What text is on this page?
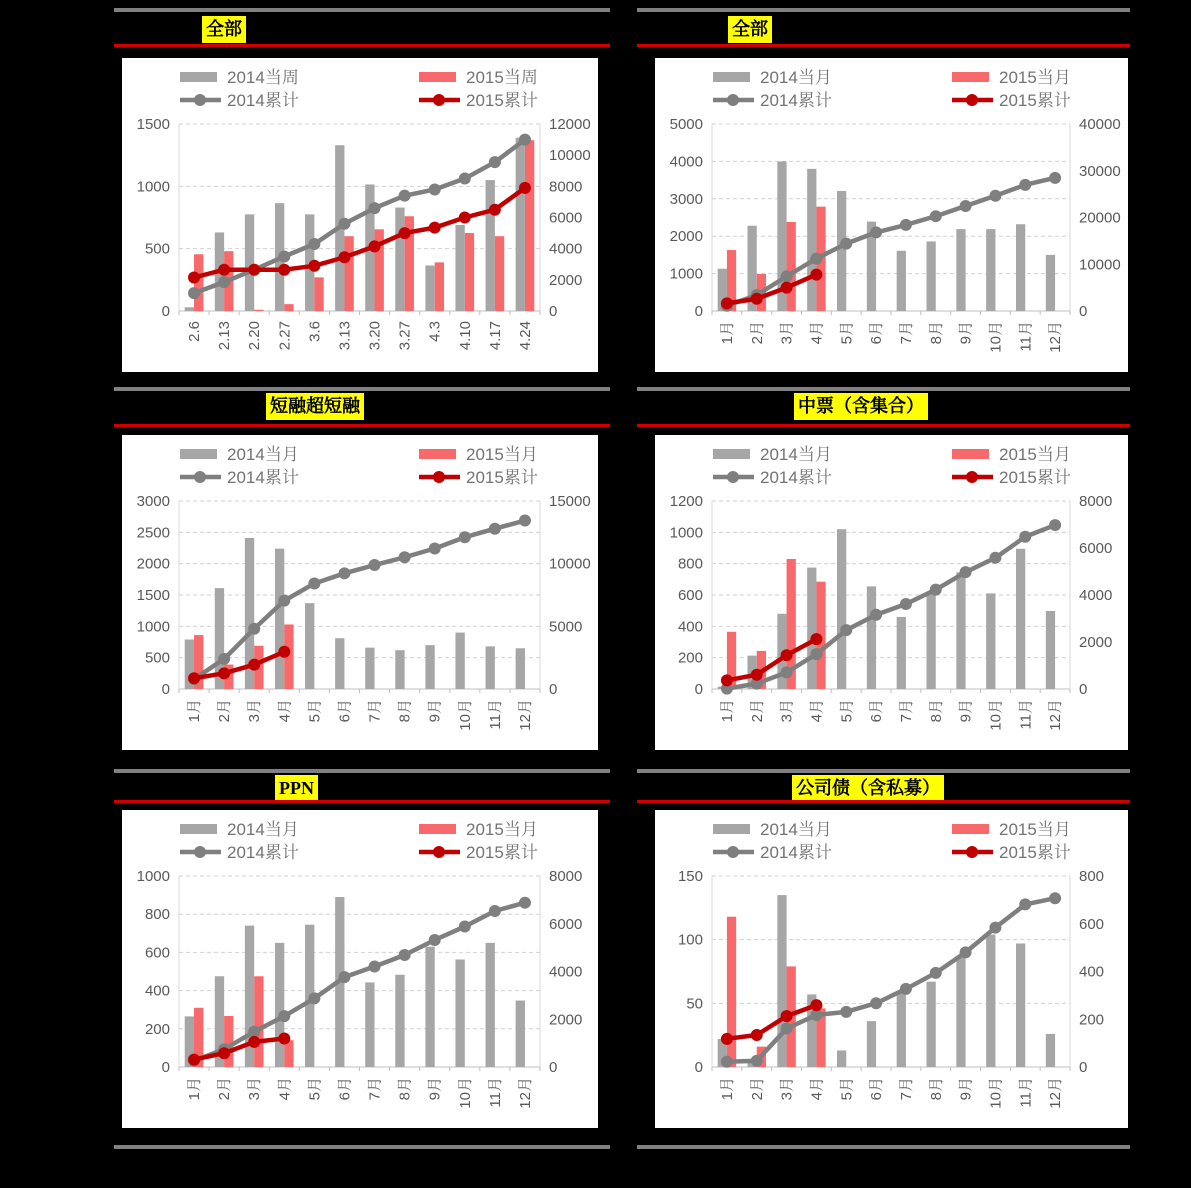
全部	全部
0
500
1000
1500
0
2000
4000
6000
8000
10000
12000
2.6 2.13 2.20 2.27 3.6 3.13 3.20 3.27 4.3 4.10 4.17 4.24
2014当周	2015当周
2014累计	2015累计
0
1000
2000
3000
4000
5000
0
10000
20000
30000
40000
1月 2月 3月 4月 5月 6月 7月 8月 9月 10月 11月 12月
2014当月	2015当月
2014累计	2015累计
短融超短融	中票（含集合）
0
500
1000
1500
2000
2500
3000
0
5000
10000
15000
1月 2月 3月 4月 5月 6月 7月 8月 9月 10月 11月 12月
2014当月	2015当月
2014累计	2015累计
0
200
400
600
800
1000
1200
0
2000
4000
6000
8000
1月 2月 3月 4月 5月 6月 7月 8月 9月 10月 11月 12月
2014当月	2015当月
2014累计	2015累计
PPN	公司债（含私募）
0
200
400
600
800
1000
0
2000
4000
6000
8000
1月 2月 3月 4月 5月 6月 7月 8月 9月 10月 11月 12月
2014当月	2015当月
2014累计	2015累计
0
50
100
150
0
200
400
600
800
1月 2月 3月 4月 5月 6月 7月 8月 9月 10月 11月 12月
2014当月	2015当月
2014累计	2015累计
